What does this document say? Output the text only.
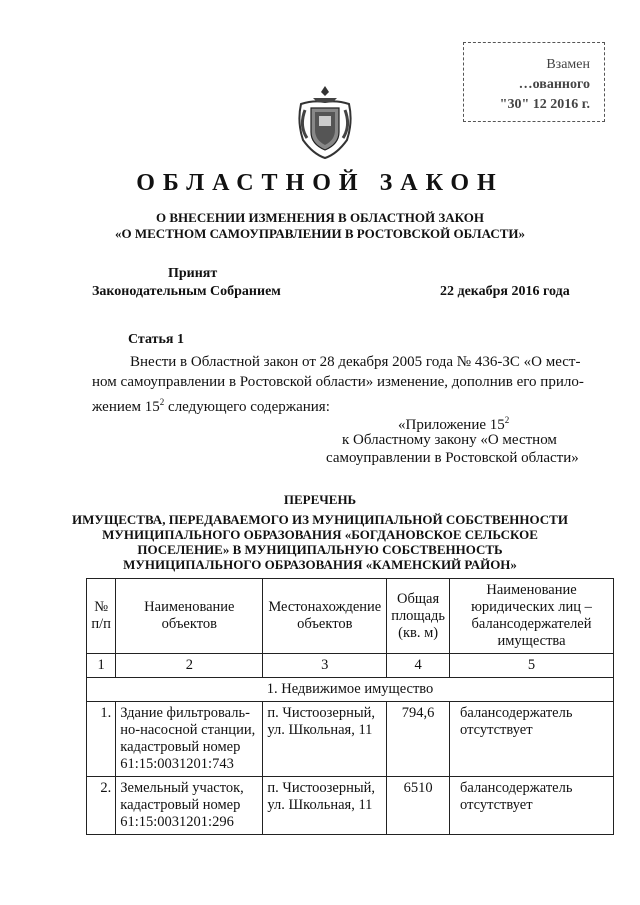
Взамен
…ованного
"30" 12 2016 г.
ОБЛАСТНОЙ ЗАКОН
О ВНЕСЕНИИ ИЗМЕНЕНИЯ В ОБЛАСТНОЙ ЗАКОН
«О МЕСТНОМ САМОУПРАВЛЕНИИ В РОСТОВСКОЙ ОБЛАСТИ»
Принят
Законодательным Собранием	22 декабря 2016 года
Статья 1
Внести в Областной закон от 28 декабря 2005 года № 436-ЗС «О мест-
ном самоуправлении в Ростовской области» изменение, дополнив его прило-
жением $15^2$ следующего содержания:
«Приложение $15^2$
к Областному закону «О местном
самоуправлении в Ростовской области»
ПЕРЕЧЕНЬ
ИМУЩЕСТВА, ПЕРЕДАВАЕМОГО ИЗ МУНИЦИПАЛЬНОЙ СОБСТВЕННОСТИ
МУНИЦИПАЛЬНОГО ОБРАЗОВАНИЯ «БОГДАНОВСКОЕ СЕЛЬСКОЕ
ПОСЕЛЕНИЕ» В МУНИЦИПАЛЬНУЮ СОБСТВЕННОСТЬ
МУНИЦИПАЛЬНОГО ОБРАЗОВАНИЯ «КАМЕНСКИЙ РАЙОН»
№ п/п	Наименование объектов	Местонахождение объектов	Общая площадь (кв. м)	Наименование юридических лиц – балансодержателей имущества
1	2	3	4	5
1. Недвижимое имущество				
1.	Здание фильтроваль-но-насосной станции, кадастровый номер 61:15:0031201:743	п. Чистоозерный, ул. Школьная, 11	794,6	балансодержатель отсутствует
2.	Земельный участок, кадастровый номер 61:15:0031201:296	п. Чистоозерный, ул. Школьная, 11	6510	балансодержатель отсутствует
